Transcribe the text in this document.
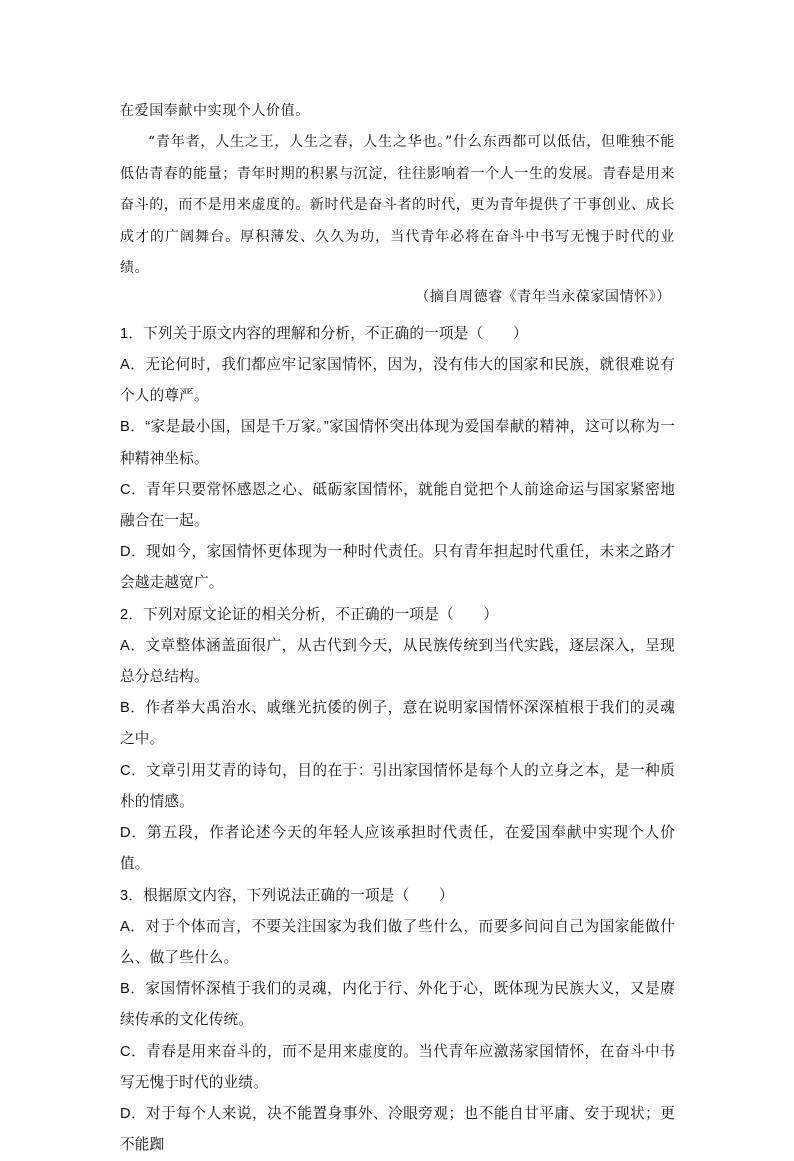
在爱国奉献中实现个人价值。

“青年者，人生之王，人生之春，人生之华也。”什么东西都可以低估，但唯独不能低估青春的能量；青年时期的积累与沉淀，往往影响着一个人一生的发展。青春是用来奋斗的，而不是用来虚度的。新时代是奋斗者的时代，更为青年提供了干事创业、成长成才的广阔舞台。厚积薄发、久久为功，当代青年必将在奋斗中书写无愧于时代的业绩。

（摘自周德睿《青年当永葆家国情怀》）

1．下列关于原文内容的理解和分析，不正确的一项是（　　）

A．无论何时，我们都应牢记家国情怀，因为，没有伟大的国家和民族，就很难说有个人的尊严。

B．“家是最小国，国是千万家。”家国情怀突出体现为爱国奉献的精神，这可以称为一种精神坐标。

C．青年只要常怀感恩之心、砥砺家国情怀，就能自觉把个人前途命运与国家紧密地融合在一起。

D．现如今，家国情怀更体现为一种时代责任。只有青年担起时代重任，未来之路才会越走越宽广。

2．下列对原文论证的相关分析，不正确的一项是（　　）

A．文章整体涵盖面很广，从古代到今天，从民族传统到当代实践，逐层深入，呈现总分总结构。

B．作者举大禹治水、戚继光抗倭的例子，意在说明家国情怀深深植根于我们的灵魂之中。

C．文章引用艾青的诗句，目的在于：引出家国情怀是每个人的立身之本，是一种质朴的情感。

D．第五段，作者论述今天的年轻人应该承担时代责任，在爱国奉献中实现个人价值。

3．根据原文内容，下列说法正确的一项是（　　）

A．对于个体而言，不要关注国家为我们做了些什么，而要多问问自己为国家能做什么、做了些什么。

B．家国情怀深植于我们的灵魂，内化于行、外化于心，既体现为民族大义，又是赓续传承的文化传统。

C．青春是用来奋斗的，而不是用来虚度的。当代青年应激荡家国情怀，在奋斗中书写无愧于时代的业绩。

D．对于每个人来说，决不能置身事外、冷眼旁观；也不能自甘平庸、安于现状；更不能踟
